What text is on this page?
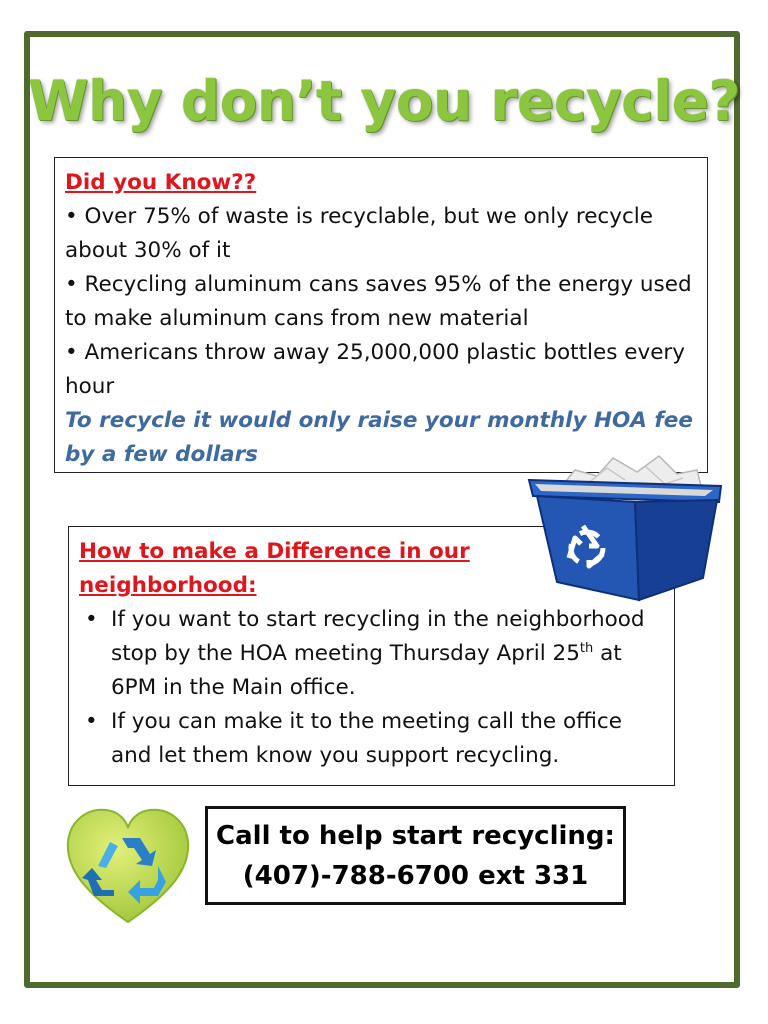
Why don’t you recycle?
Did you Know??
• Over 75% of waste is recyclable, but we only recycle about 30% of it
• Recycling aluminum cans saves 95% of the energy used to make aluminum cans from new material
• Americans throw away 25,000,000 plastic bottles every hour
To recycle it would only raise your monthly HOA fee by a few dollars
How to make a Difference in our neighborhood:
• If you want to start recycling in the neighborhood stop by the HOA meeting Thursday April 25th at 6PM in the Main office.
• If you can make it to the meeting call the office and let them know you support recycling.
Call to help start recycling:
(407)-788-6700 ext 331
